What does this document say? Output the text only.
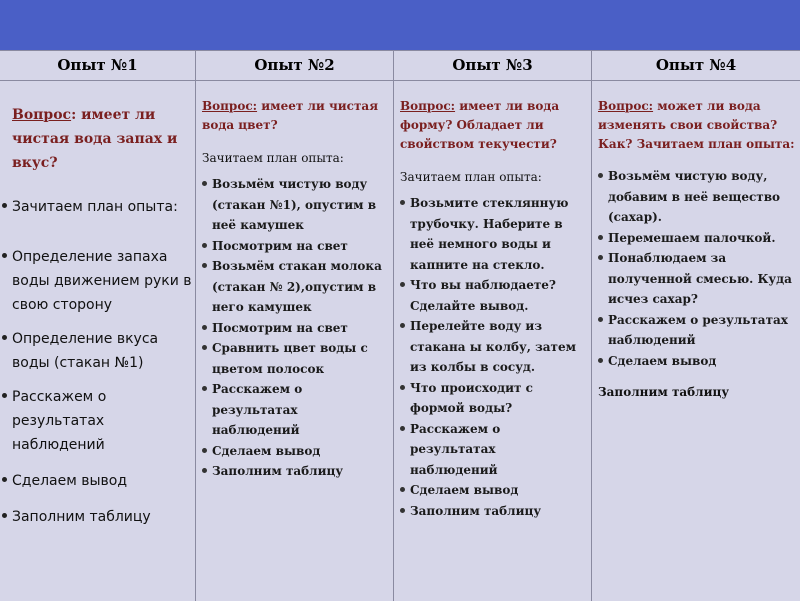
Опыт №1
Вопрос: имеет ли чистая вода запах и вкус?
Зачитаем план опыта:
Определение запаха воды движением руки в свою сторону
Определение вкуса воды (стакан №1)
Расскажем о результатах наблюдений
Сделаем вывод
Заполним таблицу
Опыт №2
Вопрос: имеет ли чистая вода цвет?
Зачитаем план опыта:
Возьмём чистую воду (стакан №1), опустим в неё камушек
Посмотрим на свет
Возьмём стакан молока (стакан № 2),опустим в него камушек
Посмотрим на свет
Сравнить цвет воды с цветом полосок
Расскажем о результатах наблюдений
Сделаем вывод
Заполним таблицу
Опыт №3
Вопрос: имеет ли вода форму? Обладает ли свойством текучести?
Зачитаем план опыта:
Возьмите стеклянную трубочку. Наберите в неё немного воды и капните на стекло.
Что вы наблюдаете? Сделайте вывод.
Перелейте воду из стакана ы колбу, затем из колбы в сосуд.
Что происходит с формой воды?
Расскажем о результатах наблюдений
Сделаем вывод
Заполним таблицу
Опыт №4
Вопрос: может ли вода изменять свои свойства? Как? Зачитаем план опыта:
Возьмём чистую воду, добавим в неё вещество (сахар).
Перемешаем палочкой.
Понаблюдаем за полученной смесью. Куда исчез сахар?
Расскажем о результатах наблюдений
Сделаем вывод
Заполним таблицу
